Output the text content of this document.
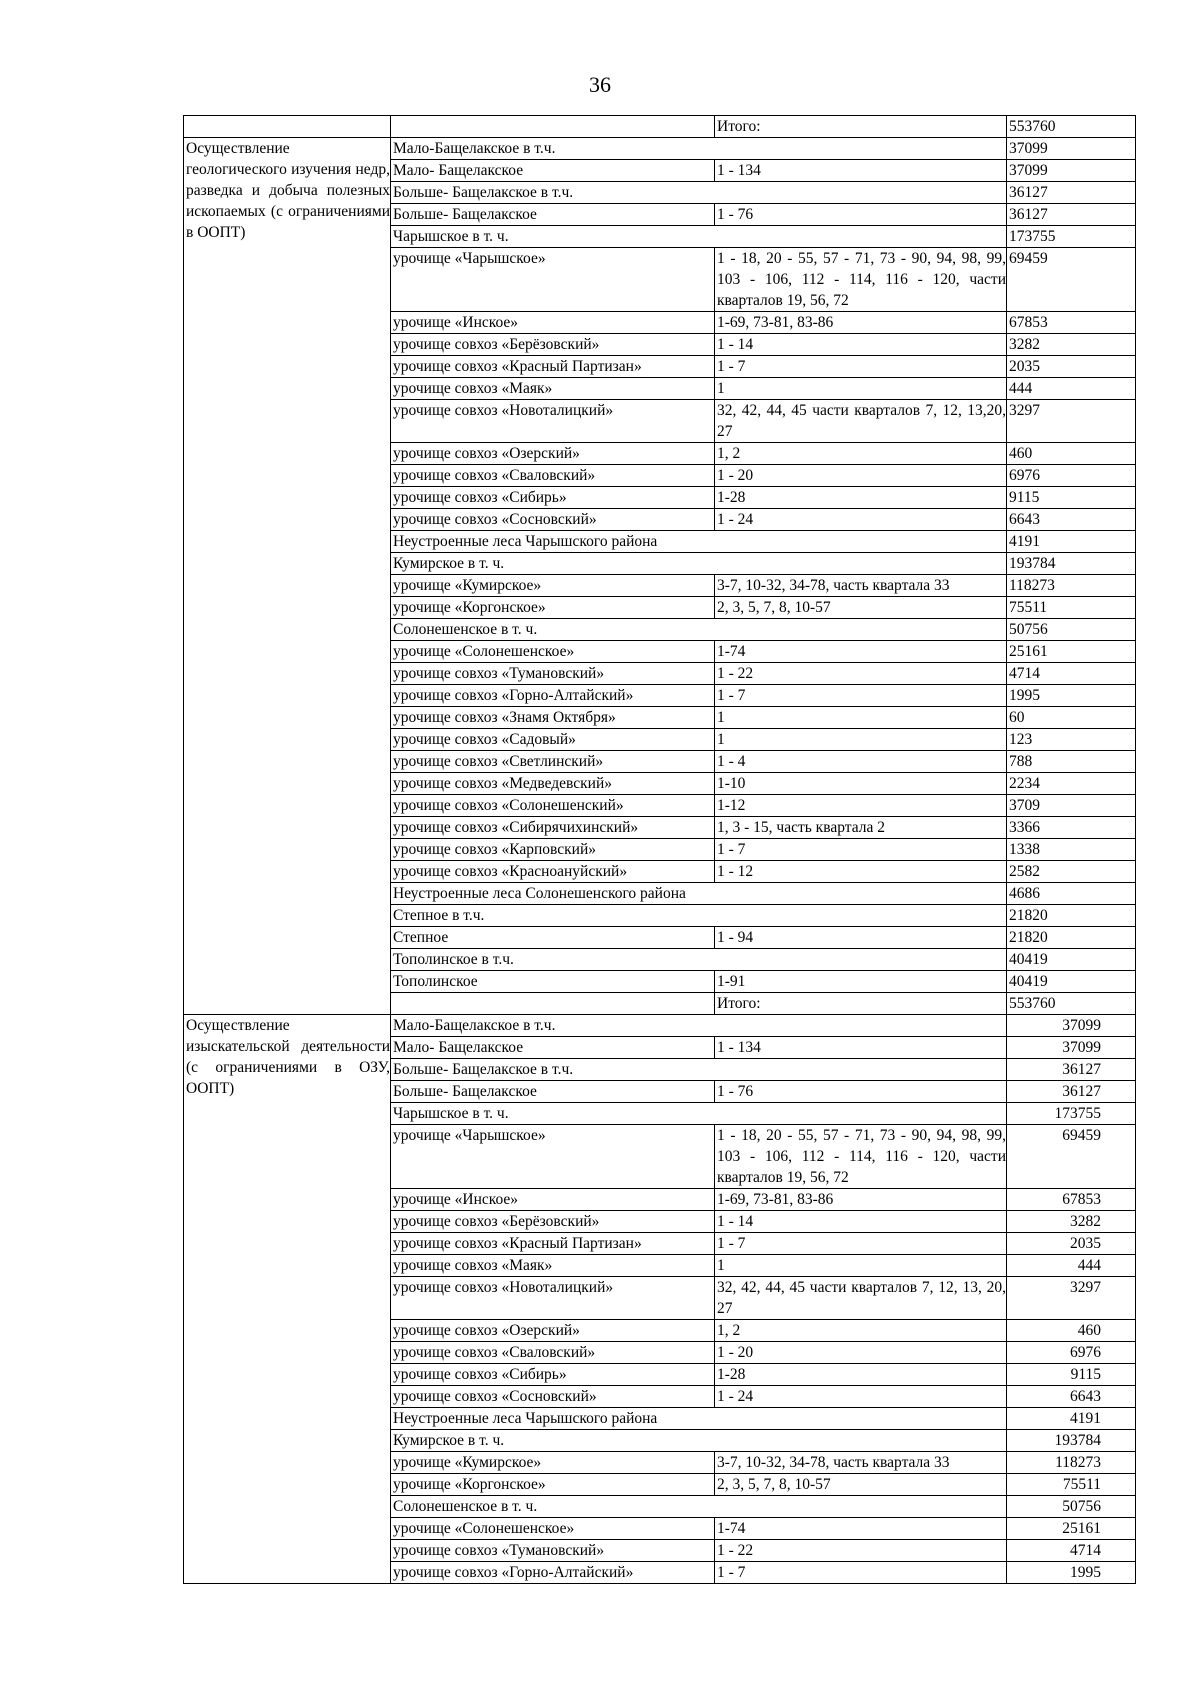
36
		Итого:	553760
Осуществление геологического изучения недр, разведка и добыча полезных ископаемых (с ограничениями в ООПТ)	Мало-Бащелакское в т.ч.		37099
	Мало- Бащелакское	1 - 134	37099
	Больше- Бащелакское в т.ч.		36127
	Больше- Бащелакское	1 - 76	36127
	Чарышское в т. ч.		173755
	урочище «Чарышское»	1 - 18, 20 - 55, 57 - 71, 73 - 90, 94, 98, 99, 103 - 106, 112 - 114, 116 - 120, части кварталов 19, 56, 72	69459
	урочище «Инское»	1-69, 73-81, 83-86	67853
	урочище совхоз «Берёзовский»	1 - 14	3282
	урочище совхоз «Красный Партизан»	1 - 7	2035
	урочище совхоз «Маяк»	1	444
	урочище совхоз «Новоталицкий»	32, 42, 44, 45 части кварталов 7, 12, 13,20, 27	3297
	урочище совхоз «Озерский»	1, 2	460
	урочище совхоз «Сваловский»	1 - 20	6976
	урочище совхоз «Сибирь»	1-28	9115
	урочище совхоз «Сосновский»	1 - 24	6643
	Неустроенные леса Чарышского района		4191
	Кумирское в т. ч.		193784
	урочище «Кумирское»	3-7, 10-32, 34-78, часть квартала 33	118273
	урочище «Коргонское»	2, 3, 5, 7, 8, 10-57	75511
	Солонешенское в т. ч.		50756
	урочище «Солонешенское»	1-74	25161
	урочище совхоз «Тумановский»	1 - 22	4714
	урочище совхоз «Горно-Алтайский»	1 - 7	1995
	урочище совхоз «Знамя Октября»	1	60
	урочище совхоз «Садовый»	1	123
	урочище совхоз «Светлинский»	1 - 4	788
	урочище совхоз «Медведевский»	1-10	2234
	урочище совхоз «Солонешенский»	1-12	3709
	урочище совхоз «Сибирячихинский»	1, 3 - 15, часть квартала 2	3366
	урочище совхоз «Карповский»	1 - 7	1338
	урочище совхоз «Красноануйский»	1 - 12	2582
	Неустроенные леса Солонешенского района		4686
	Степное в т.ч.		21820
	Степное	1 - 94	21820
	Тополинское в т.ч.		40419
	Тополинское	1-91	40419
		Итого:	553760
Осуществление изыскательской деятельности (с ограничениями в ОЗУ, ООПТ)	Мало-Бащелакское в т.ч.		37099
	Мало- Бащелакское	1 - 134	37099
	Больше- Бащелакское в т.ч.		36127
	Больше- Бащелакское	1 - 76	36127
	Чарышское в т. ч.		173755
	урочище «Чарышское»	1 - 18, 20 - 55, 57 - 71, 73 - 90, 94, 98, 99, 103 - 106, 112 - 114, 116 - 120, части кварталов 19, 56, 72	69459
	урочище «Инское»	1-69, 73-81, 83-86	67853
	урочище совхоз «Берёзовский»	1 - 14	3282
	урочище совхоз «Красный Партизан»	1 - 7	2035
	урочище совхоз «Маяк»	1	444
	урочище совхоз «Новоталицкий»	32, 42, 44, 45 части кварталов 7, 12, 13, 20, 27	3297
	урочище совхоз «Озерский»	1, 2	460
	урочище совхоз «Сваловский»	1 - 20	6976
	урочище совхоз «Сибирь»	1-28	9115
	урочище совхоз «Сосновский»	1 - 24	6643
	Неустроенные леса Чарышского района		4191
	Кумирское в т. ч.		193784
	урочище «Кумирское»	3-7, 10-32, 34-78, часть квартала 33	118273
	урочище «Коргонское»	2, 3, 5, 7, 8, 10-57	75511
	Солонешенское в т. ч.		50756
	урочище «Солонешенское»	1-74	25161
	урочище совхоз «Тумановский»	1 - 22	4714
	урочище совхоз «Горно-Алтайский»	1 - 7	1995
